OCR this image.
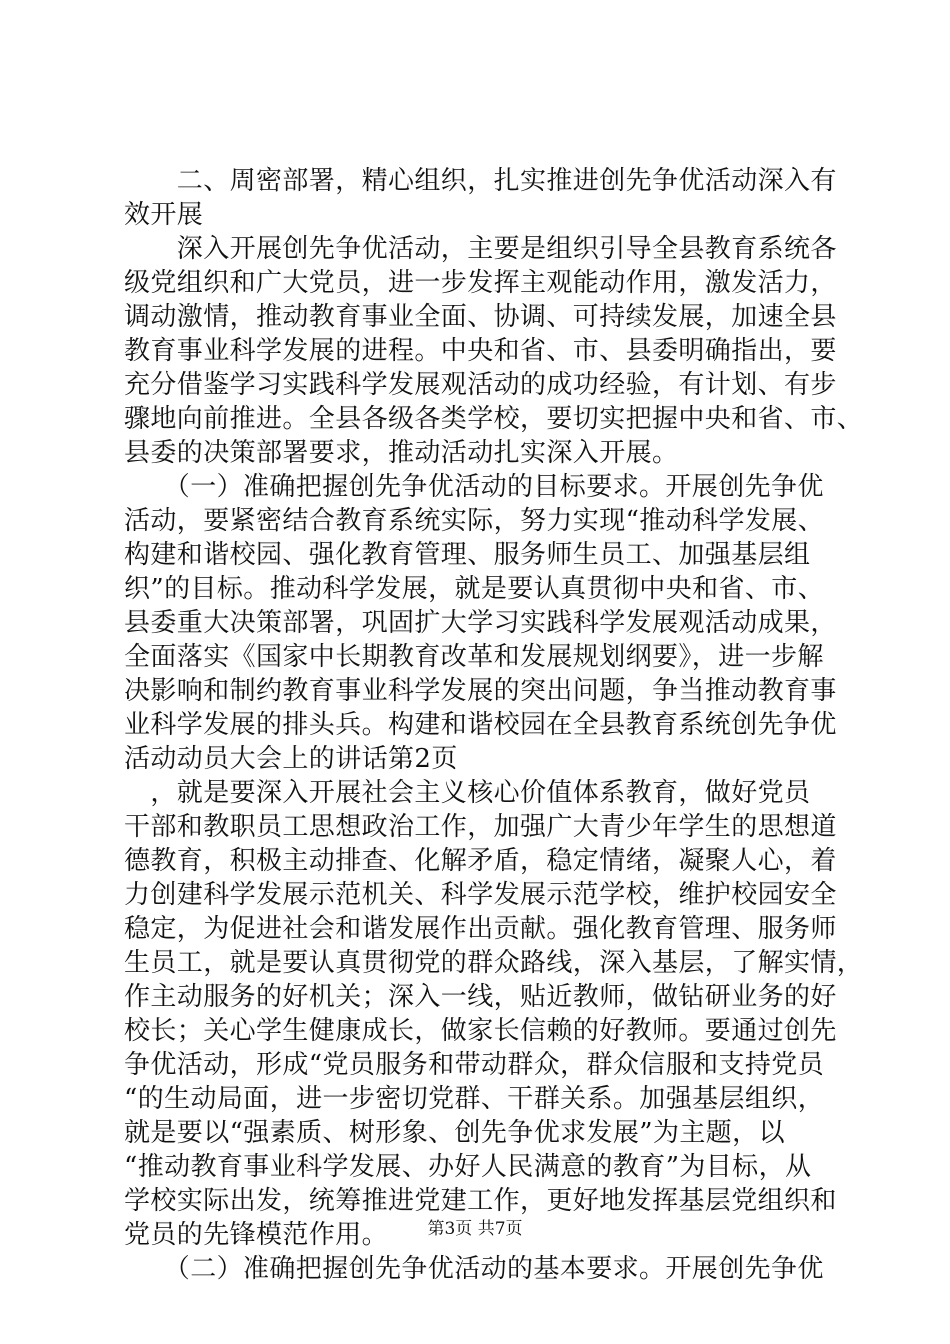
　　二、周密部署，精心组织，扎实推进创先争优活动深入有
效开展
　　深入开展创先争优活动，主要是组织引导全县教育系统各
级党组织和广大党员，进一步发挥主观能动作用，激发活力，
调动激情，推动教育事业全面、协调、可持续发展，加速全县
教育事业科学发展的进程。中央和省、市、县委明确指出，要
充分借鉴学习实践科学发展观活动的成功经验，有计划、有步
骤地向前推进。全县各级各类学校，要切实把握中央和省、市、
县委的决策部署要求，推动活动扎实深入开展。
　　（一）准确把握创先争优活动的目标要求。开展创先争优
活动，要紧密结合教育系统实际，努力实现“推动科学发展、
构建和谐校园、强化教育管理、服务师生员工、加强基层组
织”的目标。推动科学发展，就是要认真贯彻中央和省、市、
县委重大决策部署，巩固扩大学习实践科学发展观活动成果，
全面落实《国家中长期教育改革和发展规划纲要》，进一步解
决影响和制约教育事业科学发展的突出问题，争当推动教育事
业科学发展的排头兵。构建和谐校园在全县教育系统创先争优
活动动员大会上的讲话第2页
　，就是要深入开展社会主义核心价值体系教育，做好党员
干部和教职员工思想政治工作，加强广大青少年学生的思想道
德教育，积极主动排查、化解矛盾，稳定情绪，凝聚人心，着
力创建科学发展示范机关、科学发展示范学校，维护校园安全
稳定，为促进社会和谐发展作出贡献。强化教育管理、服务师
生员工，就是要认真贯彻党的群众路线，深入基层，了解实情，
作主动服务的好机关；深入一线，贴近教师，做钻研业务的好
校长；关心学生健康成长，做家长信赖的好教师。要通过创先
争优活动，形成“党员服务和带动群众，群众信服和支持党员
“的生动局面，进一步密切党群、干群关系。加强基层组织，
就是要以“强素质、树形象、创先争优求发展”为主题，以
“推动教育事业科学发展、办好人民满意的教育”为目标，从
学校实际出发，统筹推进党建工作，更好地发挥基层党组织和
党员的先锋模范作用。
　　（二）准确把握创先争优活动的基本要求。开展创先争优
第3页 共7页
